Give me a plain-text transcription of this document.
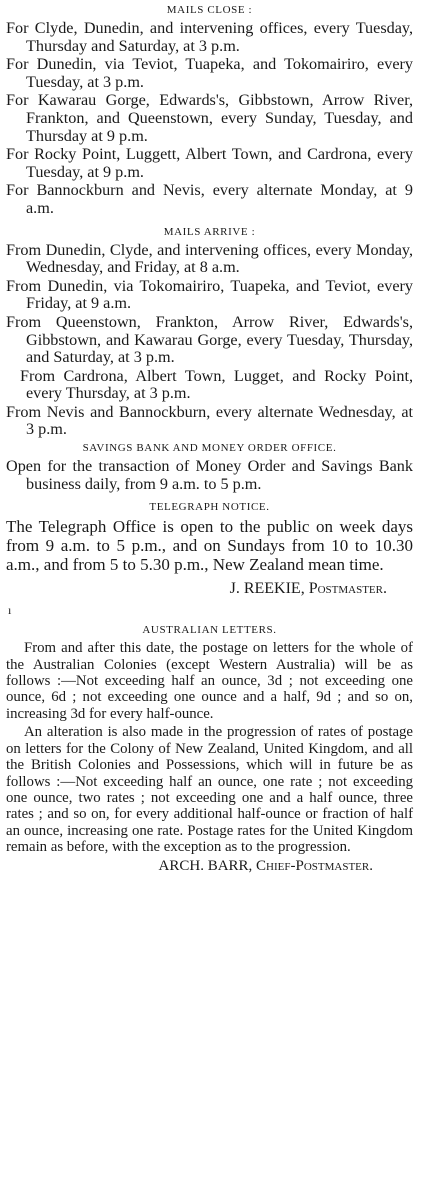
MAILS CLOSE :

For Clyde, Dunedin, and intervening offices, every Tuesday, Thursday and Saturday, at 3 p.m.

For Dunedin, via Teviot, Tuapeka, and Tokomairiro, every Tuesday, at 3 p.m.

For Kawarau Gorge, Edwards's, Gibbstown, Arrow River, Frankton, and Queenstown, every Sunday, Tuesday, and Thursday at 9 p.m.

For Rocky Point, Luggett, Albert Town, and Cardrona, every Tuesday, at 9 p.m.

For Bannockburn and Nevis, every alternate Monday, at 9 a.m.

MAILS ARRIVE :

From Dunedin, Clyde, and intervening offices, every Monday, Wednesday, and Friday, at 8 a.m.

From Dunedin, via Tokomairiro, Tuapeka, and Teviot, every Friday, at 9 a.m.

From Queenstown, Frankton, Arrow River, Edwards's, Gibbstown, and Kawarau Gorge, every Tuesday, Thursday, and Saturday, at 3 p.m.

From Cardrona, Albert Town, Lugget, and Rocky Point, every Thursday, at 3 p.m.

From Nevis and Bannockburn, every alternate Wednesday, at 3 p.m.

SAVINGS BANK AND MONEY ORDER OFFICE.

Open for the transaction of Money Order and Savings Bank business daily, from 9 a.m. to 5 p.m.

TELEGRAPH NOTICE.

The Telegraph Office is open to the public on week days from 9 a.m. to 5 p.m., and on Sundays from 10 to 10.30 a.m., and from 5 to 5.30 p.m., New Zealand mean time.

J. REEKIE, Postmaster.
ı
AUSTRALIAN LETTERS.

From and after this date, the postage on letters for the whole of the Australian Colonies (except Western Australia) will be as follows :—Not exceeding half an ounce, 3d ; not exceeding one ounce, 6d ; not exceeding one ounce and a half, 9d ; and so on, increasing 3d for every half-ounce.

An alteration is also made in the progression of rates of postage on letters for the Colony of New Zealand, United Kingdom, and all the British Colonies and Possessions, which will in future be as follows :—Not exceeding half an ounce, one rate ; not exceeding one ounce, two rates ; not exceeding one and a half ounce, three rates ; and so on, for every additional half-ounce or fraction of half an ounce, increasing one rate. Postage rates for the United Kingdom remain as before, with the exception as to the progression.

ARCH. BARR, Chief-Postmaster.
